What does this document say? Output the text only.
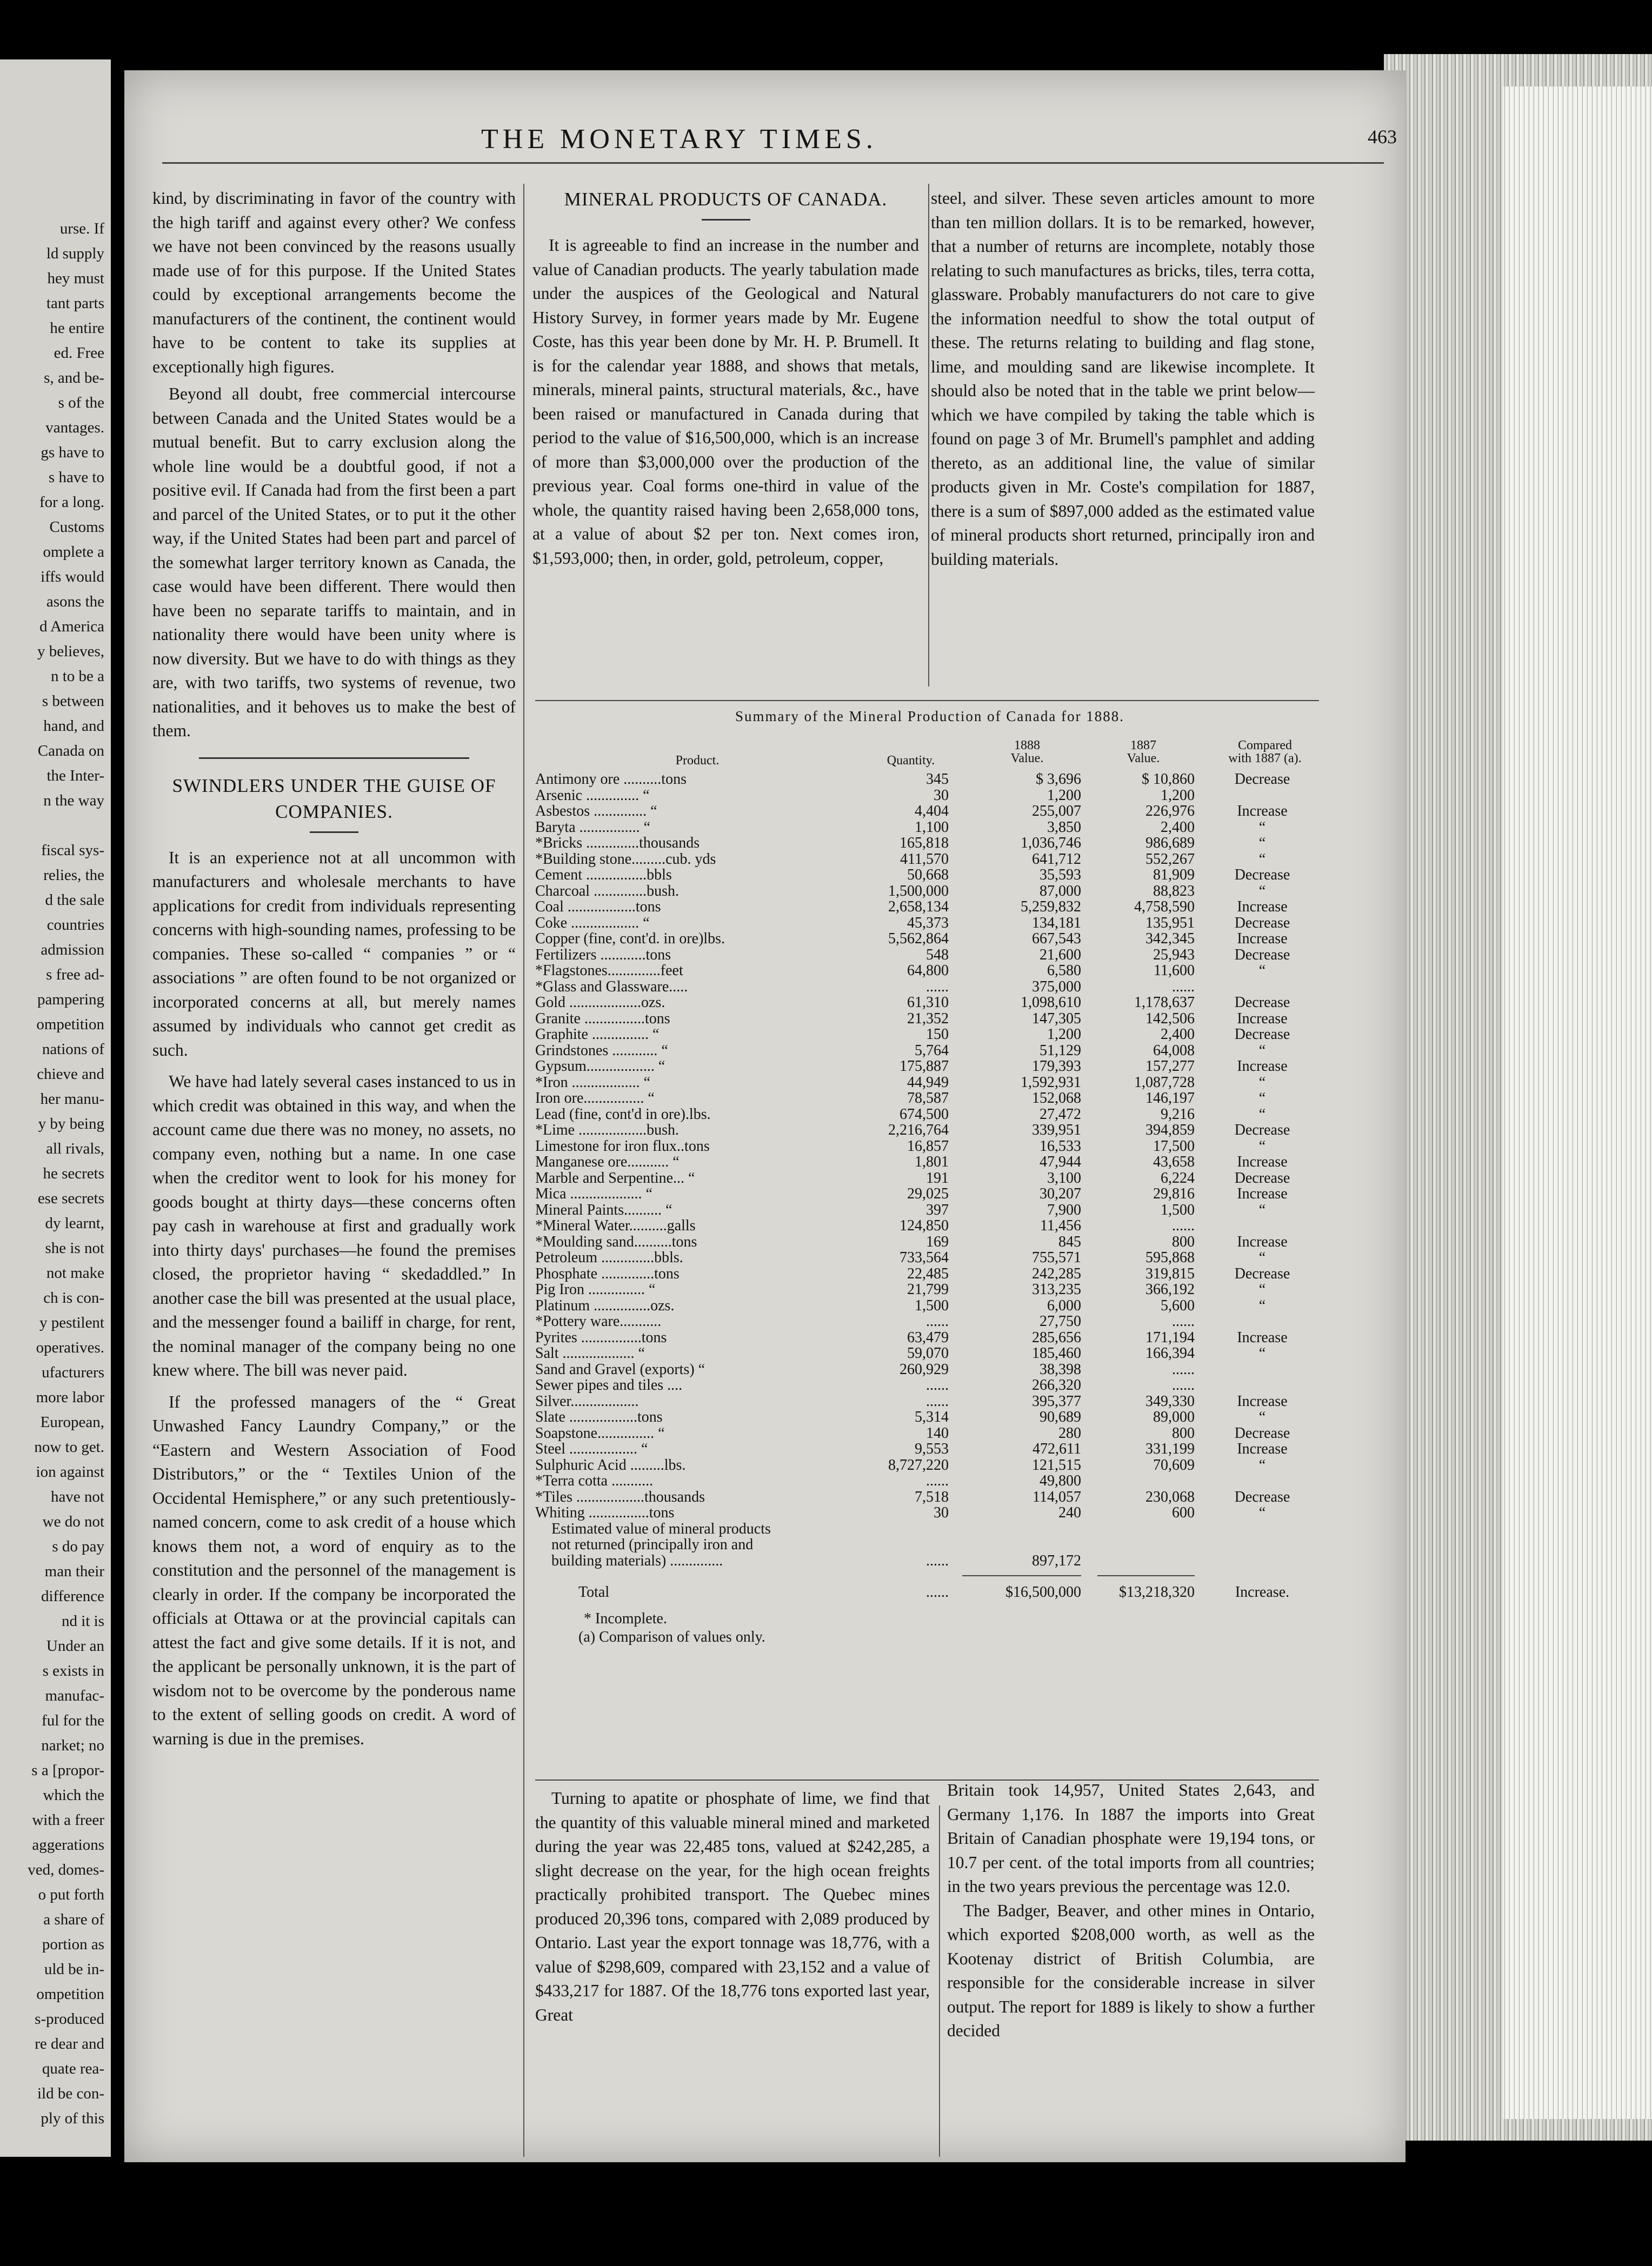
urse. If
ld supply
hey must
tant parts
he entire
ed. Free
s, and be-
s of the
vantages.
gs have to
s have to
for a long.
Customs
omplete a
iffs would
asons the
d America
y believes,
n to be a
s between
hand, and
Canada on
the Inter-
n the way

fiscal sys-
relies, the
d the sale
countries
admission
s free ad-
pampering
ompetition
nations of
chieve and
her manu-
y by being
all rivals,
he secrets
ese secrets
dy learnt,
she is not
not make
ch is con-
y pestilent
operatives.
ufacturers
more labor
European,
now to get.
ion against
have not
we do not
s do pay
man their
difference
nd it is
Under an
s exists in
manufac-
ful for the
narket; no
s a [propor-
which the
with a freer
aggerations
ved, domes-
o put forth
a share of
portion as
uld be in-
ompetition
s-produced
re dear and
quate rea-
ild be con-
ply of this
THE MONETARY TIMES.	463

kind, by discriminating in favor of the country with the high tariff and against every other? We confess we have not been convinced by the reasons usually made use of for this purpose. If the United States could by exceptional arrangements become the manufacturers of the continent, the continent would have to be content to take its supplies at exceptionally high figures.

Beyond all doubt, free commercial intercourse between Canada and the United States would be a mutual benefit. But to carry exclusion along the whole line would be a doubtful good, if not a positive evil. If Canada had from the first been a part and parcel of the United States, or to put it the other way, if the United States had been part and parcel of the somewhat larger territory known as Canada, the case would have been different. There would then have been no separate tariffs to maintain, and in nationality there would have been unity where is now diversity. But we have to do with things as they are, with two tariffs, two systems of revenue, two nationalities, and it behoves us to make the best of them.

SWINDLERS UNDER THE GUISE OF COMPANIES.

It is an experience not at all uncommon with manufacturers and wholesale merchants to have applications for credit from individuals representing concerns with high-sounding names, professing to be companies. These so-called “ companies ” or “ associations ” are often found to be not organized or incorporated concerns at all, but merely names assumed by individuals who cannot get credit as such.

We have had lately several cases instanced to us in which credit was obtained in this way, and when the account came due there was no money, no assets, no company even, nothing but a name. In one case when the creditor went to look for his money for goods bought at thirty days—these concerns often pay cash in warehouse at first and gradually work into thirty days' purchases—he found the premises closed, the proprietor having “ skedaddled.” In another case the bill was presented at the usual place, and the messenger found a bailiff in charge, for rent, the nominal manager of the company being no one knew where. The bill was never paid.

If the professed managers of the “ Great Unwashed Fancy Laundry Company,” or the “Eastern and Western Association of Food Distributors,” or the “ Textiles Union of the Occidental Hemisphere,” or any such pretentiously-named concern, come to ask credit of a house which knows them not, a word of enquiry as to the constitution and the personnel of the management is clearly in order. If the company be incorporated the officials at Ottawa or at the provincial capitals can attest the fact and give some details. If it is not, and the applicant be personally unknown, it is the part of wisdom not to be overcome by the ponderous name to the extent of selling goods on credit. A word of warning is due in the premises.

MINERAL PRODUCTS OF CANADA.

It is agreeable to find an increase in the number and value of Canadian products. The yearly tabulation made under the auspices of the Geological and Natural History Survey, in former years made by Mr. Eugene Coste, has this year been done by Mr. H. P. Brumell. It is for the calendar year 1888, and shows that metals, minerals, mineral paints, structural materials, &c., have been raised or manufactured in Canada during that period to the value of $16,500,000, which is an increase of more than $3,000,000 over the production of the previous year. Coal forms one-third in value of the whole, the quantity raised having been 2,658,000 tons, at a value of about $2 per ton. Next comes iron, $1,593,000; then, in order, gold, petroleum, copper,

steel, and silver. These seven articles amount to more than ten million dollars. It is to be remarked, however, that a number of returns are incomplete, notably those relating to such manufactures as bricks, tiles, terra cotta, glassware. Probably manufacturers do not care to give the information needful to show the total output of these. The returns relating to building and flag stone, lime, and moulding sand are likewise incomplete. It should also be noted that in the table we print below—which we have compiled by taking the table which is found on page 3 of Mr. Brumell's pamphlet and adding thereto, as an additional line, the value of similar products given in Mr. Coste's compilation for 1887, there is a sum of $897,000 added as the estimated value of mineral products short returned, principally iron and building materials.

Summary of the Mineral Production of Canada for 1888.
Product.	Quantity.
1888
Value.
1887
Value.
Compared
with 1887 (a).
Antimony ore ..........tons	345	$ 3,696	$ 10,860	Decrease
Arsenic .............. “	30	1,200	1,200
Asbestos .............. “	4,404	255,007	226,976	Increase
Baryta ................ “	1,100	3,850	2,400	“
*Bricks ..............thousands	165,818	1,036,746	986,689	“
*Building stone.........cub. yds	411,570	641,712	552,267	“
Cement ................bbls	50,668	35,593	81,909	Decrease
Charcoal ..............bush.	1,500,000	87,000	88,823	“
Coal ..................tons	2,658,134	5,259,832	4,758,590	Increase
Coke .................. “	45,373	134,181	135,951	Decrease
Copper (fine, cont'd. in ore)lbs.	5,562,864	667,543	342,345	Increase
Fertilizers ............tons	548	21,600	25,943	Decrease
*Flagstones..............feet	64,800	6,580	11,600	“
*Glass and Glassware.....	......	375,000	......
Gold ...................ozs.	61,310	1,098,610	1,178,637	Decrease
Granite ................tons	21,352	147,305	142,506	Increase
Graphite ............... “	150	1,200	2,400	Decrease
Grindstones ............ “	5,764	51,129	64,008	“
Gypsum.................. “	175,887	179,393	157,277	Increase
*Iron .................. “	44,949	1,592,931	1,087,728	“
Iron ore................ “	78,587	152,068	146,197	“
Lead (fine, cont'd in ore).lbs.	674,500	27,472	9,216	“
*Lime ..................bush.	2,216,764	339,951	394,859	Decrease
Limestone for iron flux..tons	16,857	16,533	17,500	“
Manganese ore........... “	1,801	47,944	43,658	Increase
Marble and Serpentine... “	191	3,100	6,224	Decrease
Mica ................... “	29,025	30,207	29,816	Increase
Mineral Paints.......... “	397	7,900	1,500	“
*Mineral Water..........galls	124,850	11,456	......
*Moulding sand..........tons	169	845	800	Increase
Petroleum ..............bbls.	733,564	755,571	595,868	“
Phosphate ..............tons	22,485	242,285	319,815	Decrease
Pig Iron ............... “	21,799	313,235	366,192	“
Platinum ...............ozs.	1,500	6,000	5,600	“
*Pottery ware...........	......	27,750	......
Pyrites ................tons	63,479	285,656	171,194	Increase
Salt ................... “	59,070	185,460	166,394	“
Sand and Gravel (exports) “	260,929	38,398	......
Sewer pipes and tiles ....	......	266,320	......
Silver..................	......	395,377	349,330	Increase
Slate ..................tons	5,314	90,689	89,000	“
Soapstone............... “	140	280	800	Decrease
Steel .................. “	9,553	472,611	331,199	Increase
Sulphuric Acid .........lbs.	8,727,220	121,515	70,609	“
*Terra cotta ...........	......	49,800
*Tiles ..................thousands	7,518	114,057	230,068	Decrease
Whiting ................tons	30	240	600	“
Estimated value of mineral products
not returned (principally iron and
building materials) ..............	......	897,172
Total	......	$16,500,000	$13,218,320	Increase.
* Incomplete.
(a) Comparison of values only.

Turning to apatite or phosphate of lime, we find that the quantity of this valuable mineral mined and marketed during the year was 22,485 tons, valued at $242,285, a slight decrease on the year, for the high ocean freights practically prohibited transport. The Quebec mines produced 20,396 tons, compared with 2,089 produced by Ontario. Last year the export tonnage was 18,776, with a value of $298,609, compared with 23,152 and a value of $433,217 for 1887. Of the 18,776 tons exported last year, Great

Britain took 14,957, United States 2,643, and Germany 1,176. In 1887 the imports into Great Britain of Canadian phosphate were 19,194 tons, or 10.7 per cent. of the total imports from all countries; in the two years previous the percentage was 12.0.

The Badger, Beaver, and other mines in Ontario, which exported $208,000 worth, as well as the Kootenay district of British Columbia, are responsible for the considerable increase in silver output. The report for 1889 is likely to show a further decided
